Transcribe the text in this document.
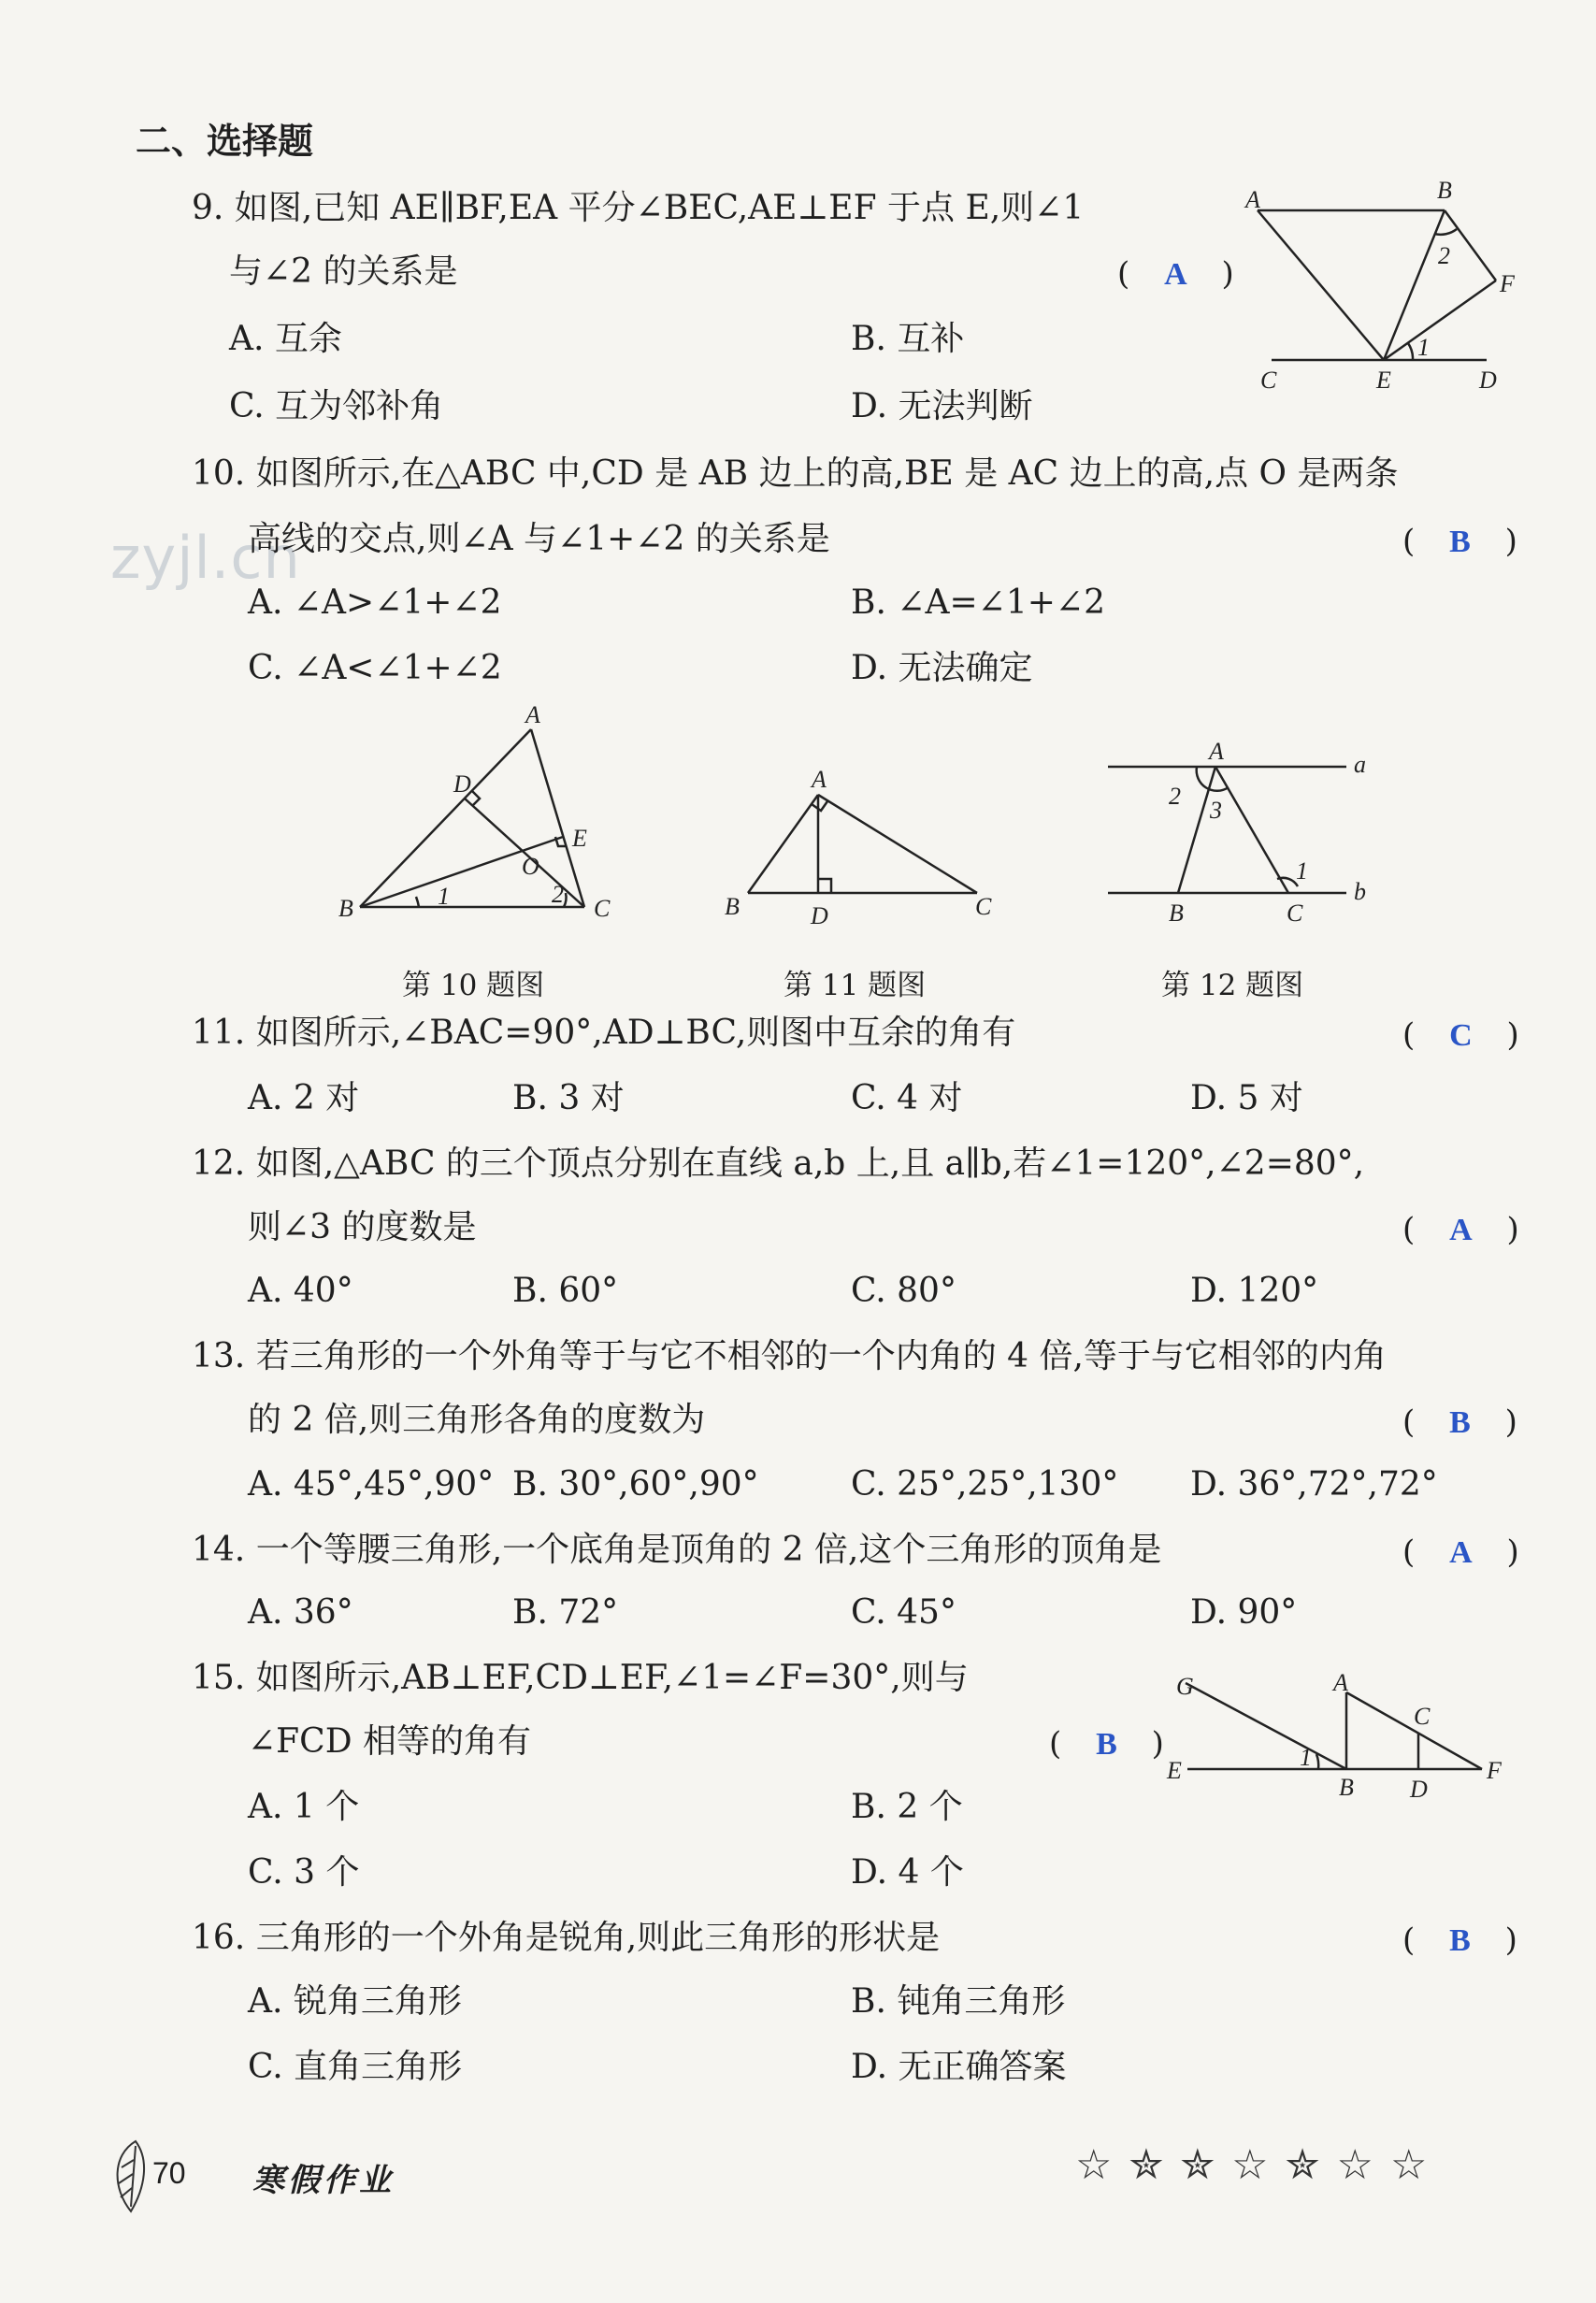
二、选择题
zyjl.cn
9. 如图,已知 AE∥BF,EA 平分∠BEC,AE⊥EF 于点 E,则∠1
与∠2 的关系是	( A )
A. 互余	B. 互补
C. 互为邻补角	D. 无法判断
A	B
2
F
1
C	E	D
10. 如图所示,在△ABC 中,CD 是 AB 边上的高,BE 是 AC 边上的高,点 O 是两条
高线的交点,则∠A 与∠1+∠2 的关系是	( B )
A. ∠A>∠1+∠2	B. ∠A=∠1+∠2
C. ∠A<∠1+∠2	D. 无法确定
A
D
E
O
B	1	2
C
第 10 题图
A
B	D	C
第 11 题图
A	a
2
3
1
B	C
b
第 12 题图
11. 如图所示,∠BAC=90°,AD⊥BC,则图中互余的角有	( C )
A. 2 对	B. 3 对	C. 4 对	D. 5 对
12. 如图,△ABC 的三个顶点分别在直线 a,b 上,且 a∥b,若∠1=120°,∠2=80°,
则∠3 的度数是	( A )
A. 40°	B. 60°	C. 80°	D. 120°
13. 若三角形的一个外角等于与它不相邻的一个内角的 4 倍,等于与它相邻的内角
的 2 倍,则三角形各角的度数为	( B )
A. 45°,45°,90° B. 30°,60°,90°	C. 25°,25°,130° D. 36°,72°,72°
14. 一个等腰三角形,一个底角是顶角的 2 倍,这个三角形的顶角是	( A )
A. 36°	B. 72°	C. 45°	D. 90°
15. 如图所示,AB⊥EF,CD⊥EF,∠1=∠F=30°,则与
∠FCD 相等的角有	( B )
A. 1 个	B. 2 个
C. 3 个	D. 4 个
G	A
C
E	1
B D
F
16. 三角形的一个外角是锐角,则此三角形的形状是	( B )
A. 锐角三角形	B. 钝角三角形
C. 直角三角形	D. 无正确答案
70 寒假作业	☆✮✮☆✮☆☆
